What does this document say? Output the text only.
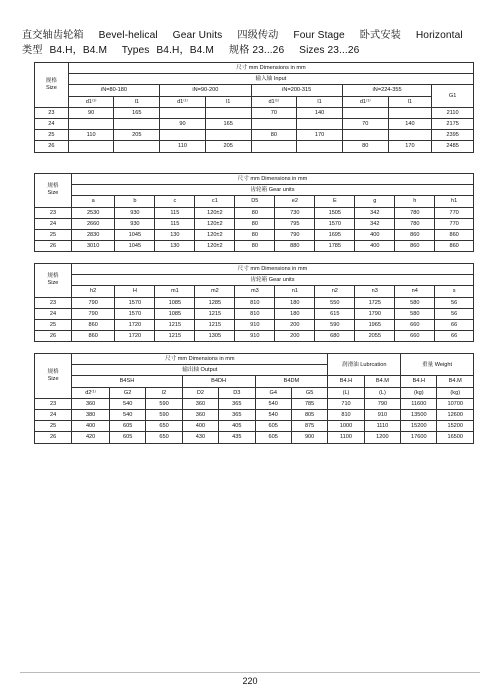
直交轴齿轮箱 Bevel-helical Gear Units 四级传动 Four Stage 卧式安装 Horizontal
类型 B4.H，B4.M Types B4.H，B4.M 规格 23...26 Sizes 23...26
规格
Size	尺寸 mm Dimensions in mm								
	输入轴 Input								
	iN=80-180		iN=90-200		iN=200-315		iN=224-355		G1
	d1⁽¹⁾	l1	d1⁽¹⁾	l1	d1⁽¹⁾	l1	d1⁽¹⁾	l1	
23	90	165			70	140			2110
24			90	165			70	140	2175
25	110	205			80	170			2395
26			110	205			80	170	2485
规格
Size	尺寸 mm Dimensions in mm									
	齿轮箱 Gear units									
	a	b	c	c1	D5	e2	E	g	h	h1
23	2530	930	115	120±2	80	730	1505	342	780	770
24	2660	930	115	120±2	80	795	1570	342	780	770
25	2830	1045	130	120±2	80	790	1695	400	860	860
26	3010	1045	130	120±2	80	880	1785	400	860	860
规格
Size	尺寸 mm Dimensions in mm									
	齿轮箱 Gear units									
	h2	H	m1	m2	m3	n1	n2	n3	n4	s
23	790	1570	1085	1285	810	180	550	1725	580	56
24	790	1570	1085	1215	810	180	615	1790	580	56
25	860	1720	1215	1215	910	200	590	1965	660	66
26	860	1720	1215	1305	910	200	680	2055	660	66
规格
Size	尺寸 mm Dimensions in mm							润滑油 Lubrcation		重量 Weight	
	输出轴 Output										
	B4SH			B4DH		B4DM		B4.H	B4.M	B4.H	B4.M
	d2⁽¹⁾	G2	l2	D2	D3	G4	G5	(L)	(L)	(kg)	(kg)
23	360	540	590	360	365	540	785	710	790	11600	10700
24	380	540	590	360	365	540	805	810	910	13500	12600
25	400	605	650	400	405	605	875	1000	1110	15200	15200
26	420	605	650	430	435	605	900	1100	1200	17600	16500
220
